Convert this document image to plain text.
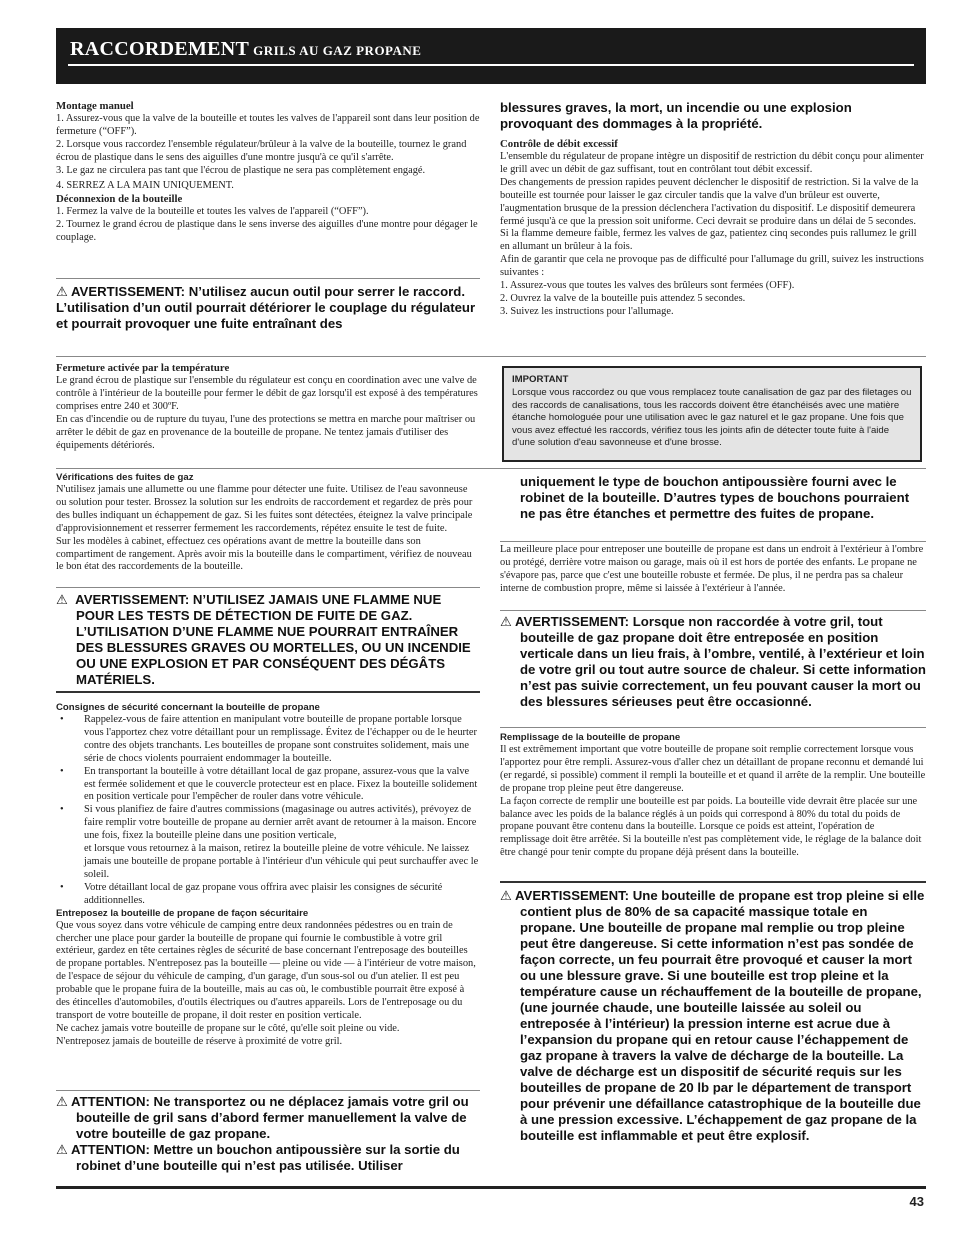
RACCORDEMENT GRILS AU GAZ PROPANE

Montage manuel

1. Assurez-vous que la valve de la bouteille et toutes les valves de l'appareil sont dans leur position de fermeture (“OFF”).

2. Lorsque vous raccordez l'ensemble régulateur/brûleur à la valve de la bouteille, tournez le grand écrou de plastique dans le sens des aiguilles d'une montre jusqu'à ce qu'il s'arrête.

3. Le gaz ne circulera pas tant que l'écrou de plastique ne sera pas complètement engagé.

4. SERREZ A LA MAIN UNIQUEMENT.

Déconnexion de la bouteille

1. Fermez la valve de la bouteille et toutes les valves de l'appareil (“OFF”).

2. Tournez le grand écrou de plastique dans le sens inverse des aiguilles d'une montre pour dégager le couplage.

⚠ AVERTISSEMENT: N’utilisez aucun outil pour serrer le raccord. L’utilisation d’un outil pourrait détériorer le couplage du régulateur et pourrait provoquer une fuite entraînant des

blessures graves, la mort, un incendie ou une explosion provoquant des dommages à la propriété.

Contrôle de débit excessif

L'ensemble du régulateur de propane intègre un dispositif de restriction du débit conçu pour alimenter le grill avec un débit de gaz suffisant, tout en contrôlant tout débit excessif.

Des changements de pression rapides peuvent déclencher le dispositif de restriction. Si la valve de la bouteille est tournée pour laisser le gaz circuler tandis que la valve d'un brûleur est ouverte, l'augmentation brusque de la pression déclenchera l'activation du dispositif. Le dispositif demeurera fermé jusqu'à ce que la pression soit uniforme. Ceci devrait se produire dans un délai de 5 secondes. Si la flamme demeure faible, fermez les valves de gaz, patientez cinq secondes puis rallumez le grill en allumant un brûleur à la fois.

Afin de garantir que cela ne provoque pas de difficulté pour l'allumage du grill, suivez les instructions suivantes :

1. Assurez-vous que toutes les valves des brûleurs sont fermées (OFF).

2. Ouvrez la valve de la bouteille puis attendez 5 secondes.

3. Suivez les instructions pour l'allumage.

Fermeture activée par la température

Le grand écrou de plastique sur l'ensemble du régulateur est conçu en coordination avec une valve de contrôle à l'intérieur de la bouteille pour fermer le débit de gaz lorsqu'il est exposé à des températures comprises entre 240 et 300ºF.

En cas d'incendie ou de rupture du tuyau, l'une des protections se mettra en marche pour maîtriser ou arrêter le débit de gaz en provenance de la bouteille de propane. Ne tentez jamais d'utiliser des équipements détériorés.

IMPORTANT

Lorsque vous raccordez ou que vous remplacez toute canalisation de gaz par des filetages ou des raccords de canalisations, tous les raccords doivent être étanchéisés avec une matière étanche homologuée pour une utilisation avec le gaz naturel et le gaz propane. Une fois que vous avez effectué les raccords, vérifiez tous les joints afin de détecter toute fuite à l'aide d'une solution d'eau savonneuse et d'une brosse.

Vérifications des fuites de gaz

N'utilisez jamais une allumette ou une flamme pour détecter une fuite. Utilisez de l'eau savonneuse ou solution pour tester. Brossez la solution sur les endroits de raccordement et regardez de près pour des bulles indiquant un échappement de gaz. Si les fuites sont détectées, éteignez la valve principale d'approvisionnement et resserrer fermement les raccordements, répétez ensuite le test de fuite.

Sur les modèles à cabinet, effectuez ces opérations avant de mettre la bouteille dans son compartiment de rangement. Après avoir mis la bouteille dans le compartiment, vérifiez de nouveau le bon état des raccordements de la bouteille.

⚠ AVERTISSEMENT: N’UTILISEZ JAMAIS UNE FLAMME NUE POUR LES TESTS DE DÉTECTION DE FUITE DE GAZ. L’UTILISATION D’UNE FLAMME NUE POURRAIT ENTRAÎNER DES BLESSURES GRAVES OU MORTELLES, OU UN INCENDIE OU UNE EXPLOSION ET PAR CONSÉQUENT DES DÉGÂTS MATÉRIELS.

Consignes de sécurité concernant la bouteille de propane

• Rappelez-vous de faire attention en manipulant votre bouteille de propane portable lorsque vous l'apportez chez votre détaillant pour un remplissage. Évitez de l'échapper ou de le heurter contre des objets tranchants. Les bouteilles de propane sont construites solidement, mais une série de chocs violents pourraient endommager la bouteille.
• En transportant la bouteille à votre détaillant local de gaz propane, assurez-vous que la valve est fermée solidement et que le couvercle protecteur est en place. Fixez la bouteille solidement en position verticale pour l'empêcher de rouler dans votre véhicule.
• Si vous planifiez de faire d'autres commissions (magasinage ou autres activités), prévoyez de faire remplir votre bouteille de propane au dernier arrêt avant de retourner à la maison. Encore une fois, fixez la bouteille pleine dans une position verticale,

et lorsque vous retournez à la maison, retirez la bouteille pleine de votre véhicule. Ne laissez jamais une bouteille de propane portable à l'intérieur d'un véhicule qui peut surchauffer avec le soleil.

• Votre détaillant local de gaz propane vous offrira avec plaisir les consignes de sécurité additionnelles.

Entreposez la bouteille de propane de façon sécuritaire

Que vous soyez dans votre véhicule de camping entre deux randonnées pédestres ou en train de chercher une place pour garder la bouteille de propane qui fournie le combustible à votre gril extérieur, gardez en tête certaines règles de sécurité de base concernant l'entreposage des bouteilles de propane portables. N'entreposez pas la bouteille — pleine ou vide — à l'intérieur de votre maison, de l'espace de séjour du véhicule de camping, d'un garage, d'un sous-sol ou d'un atelier. Il est peu probable que le propane fuira de la bouteille, mais au cas où, le combustible pourrait être exposé à des étincelles d'automobiles, d'outils électriques ou d'autres appareils. Lors de l'entreposage ou du transport de votre bouteille de propane, il doit rester en position verticale.

Ne cachez jamais votre bouteille de propane sur le côté, qu'elle soit pleine ou vide.

N'entreposez jamais de bouteille de réserve à proximité de votre gril.

⚠ ATTENTION: Ne transportez ou ne déplacez jamais votre gril ou bouteille de gril sans d’abord fermer manuellement la valve de votre bouteille de gaz propane.

⚠ ATTENTION: Mettre un bouchon antipoussière sur la sortie du robinet d’une bouteille qui n’est pas utilisée. Utiliser

uniquement le type de bouchon antipoussière fourni avec le robinet de la bouteille. D’autres types de bouchons pourraient ne pas être étanches et permettre des fuites de propane.

La meilleure place pour entreposer une bouteille de propane est dans un endroit à l'extérieur à l'ombre ou protégé, derrière votre maison ou garage, mais où il est hors de portée des enfants. Le propane ne s'évapore pas, parce que c'est une bouteille robuste et fermée. De plus, il ne perdra pas sa chaleur interne de combustion propre, même si laissée à l'extérieur à l'année.

⚠ AVERTISSEMENT: Lorsque non raccordée à votre gril, tout bouteille de gaz propane doit être entreposée en position verticale dans un lieu frais, à l’ombre, ventilé, à l’extérieur et loin de votre gril ou tout autre source de chaleur. Si cette information n’est pas suivie correctement, un feu pouvant causer la mort ou des blessures sérieuses peut être occasionné.

Remplissage de la bouteille de propane

Il est extrêmement important que votre bouteille de propane soit remplie correctement lorsque vous l'apportez pour être rempli. Assurez-vous d'aller chez un détaillant de propane reconnu et demandé lui (er regardé, si possible) comment il rempli la bouteille et et quand il arrête de la remplir. Une bouteille de propane trop pleine peut être dangereuse.

La façon correcte de remplir une bouteille est par poids. La bouteille vide devrait être placée sur une balance avec les poids de la balance réglés à un poids qui correspond à 80% du total du poids de propane pouvant être contenu dans la bouteille. Lorsque ce poids est atteint, l'opération de remplissage doit être arrêtée. Si la bouteille n'est pas complètement vide, le réglage de la balance doit être changé pour tenir compte du propane déjà présent dans la bouteille.

⚠ AVERTISSEMENT: Une bouteille de propane est trop pleine si elle contient plus de 80% de sa capacité massique totale en propane. Une bouteille de propane mal remplie ou trop pleine peut être dangereuse. Si cette information n’est pas sondée de façon correcte, un feu pourrait être provoqué et causer la mort ou une blessure grave. Si une bouteille est trop pleine et la température cause un réchauffement de la bouteille de propane, (une journée chaude, une bouteille laissée au soleil ou entreposée à l’intérieur) la pression interne est acrue due à l’expansion du propane qui en retour cause l’échappement de gaz propane à travers la valve de décharge de la bouteille. La valve de décharge est un dispositif de sécurité requis sur les bouteilles de propane de 20 lb par le département de transport pour prévenir une défaillance catastrophique de la bouteille due à une pression excessive. L’échappement de gaz propane de la bouteille est inflammable et peut être explosif.

43
